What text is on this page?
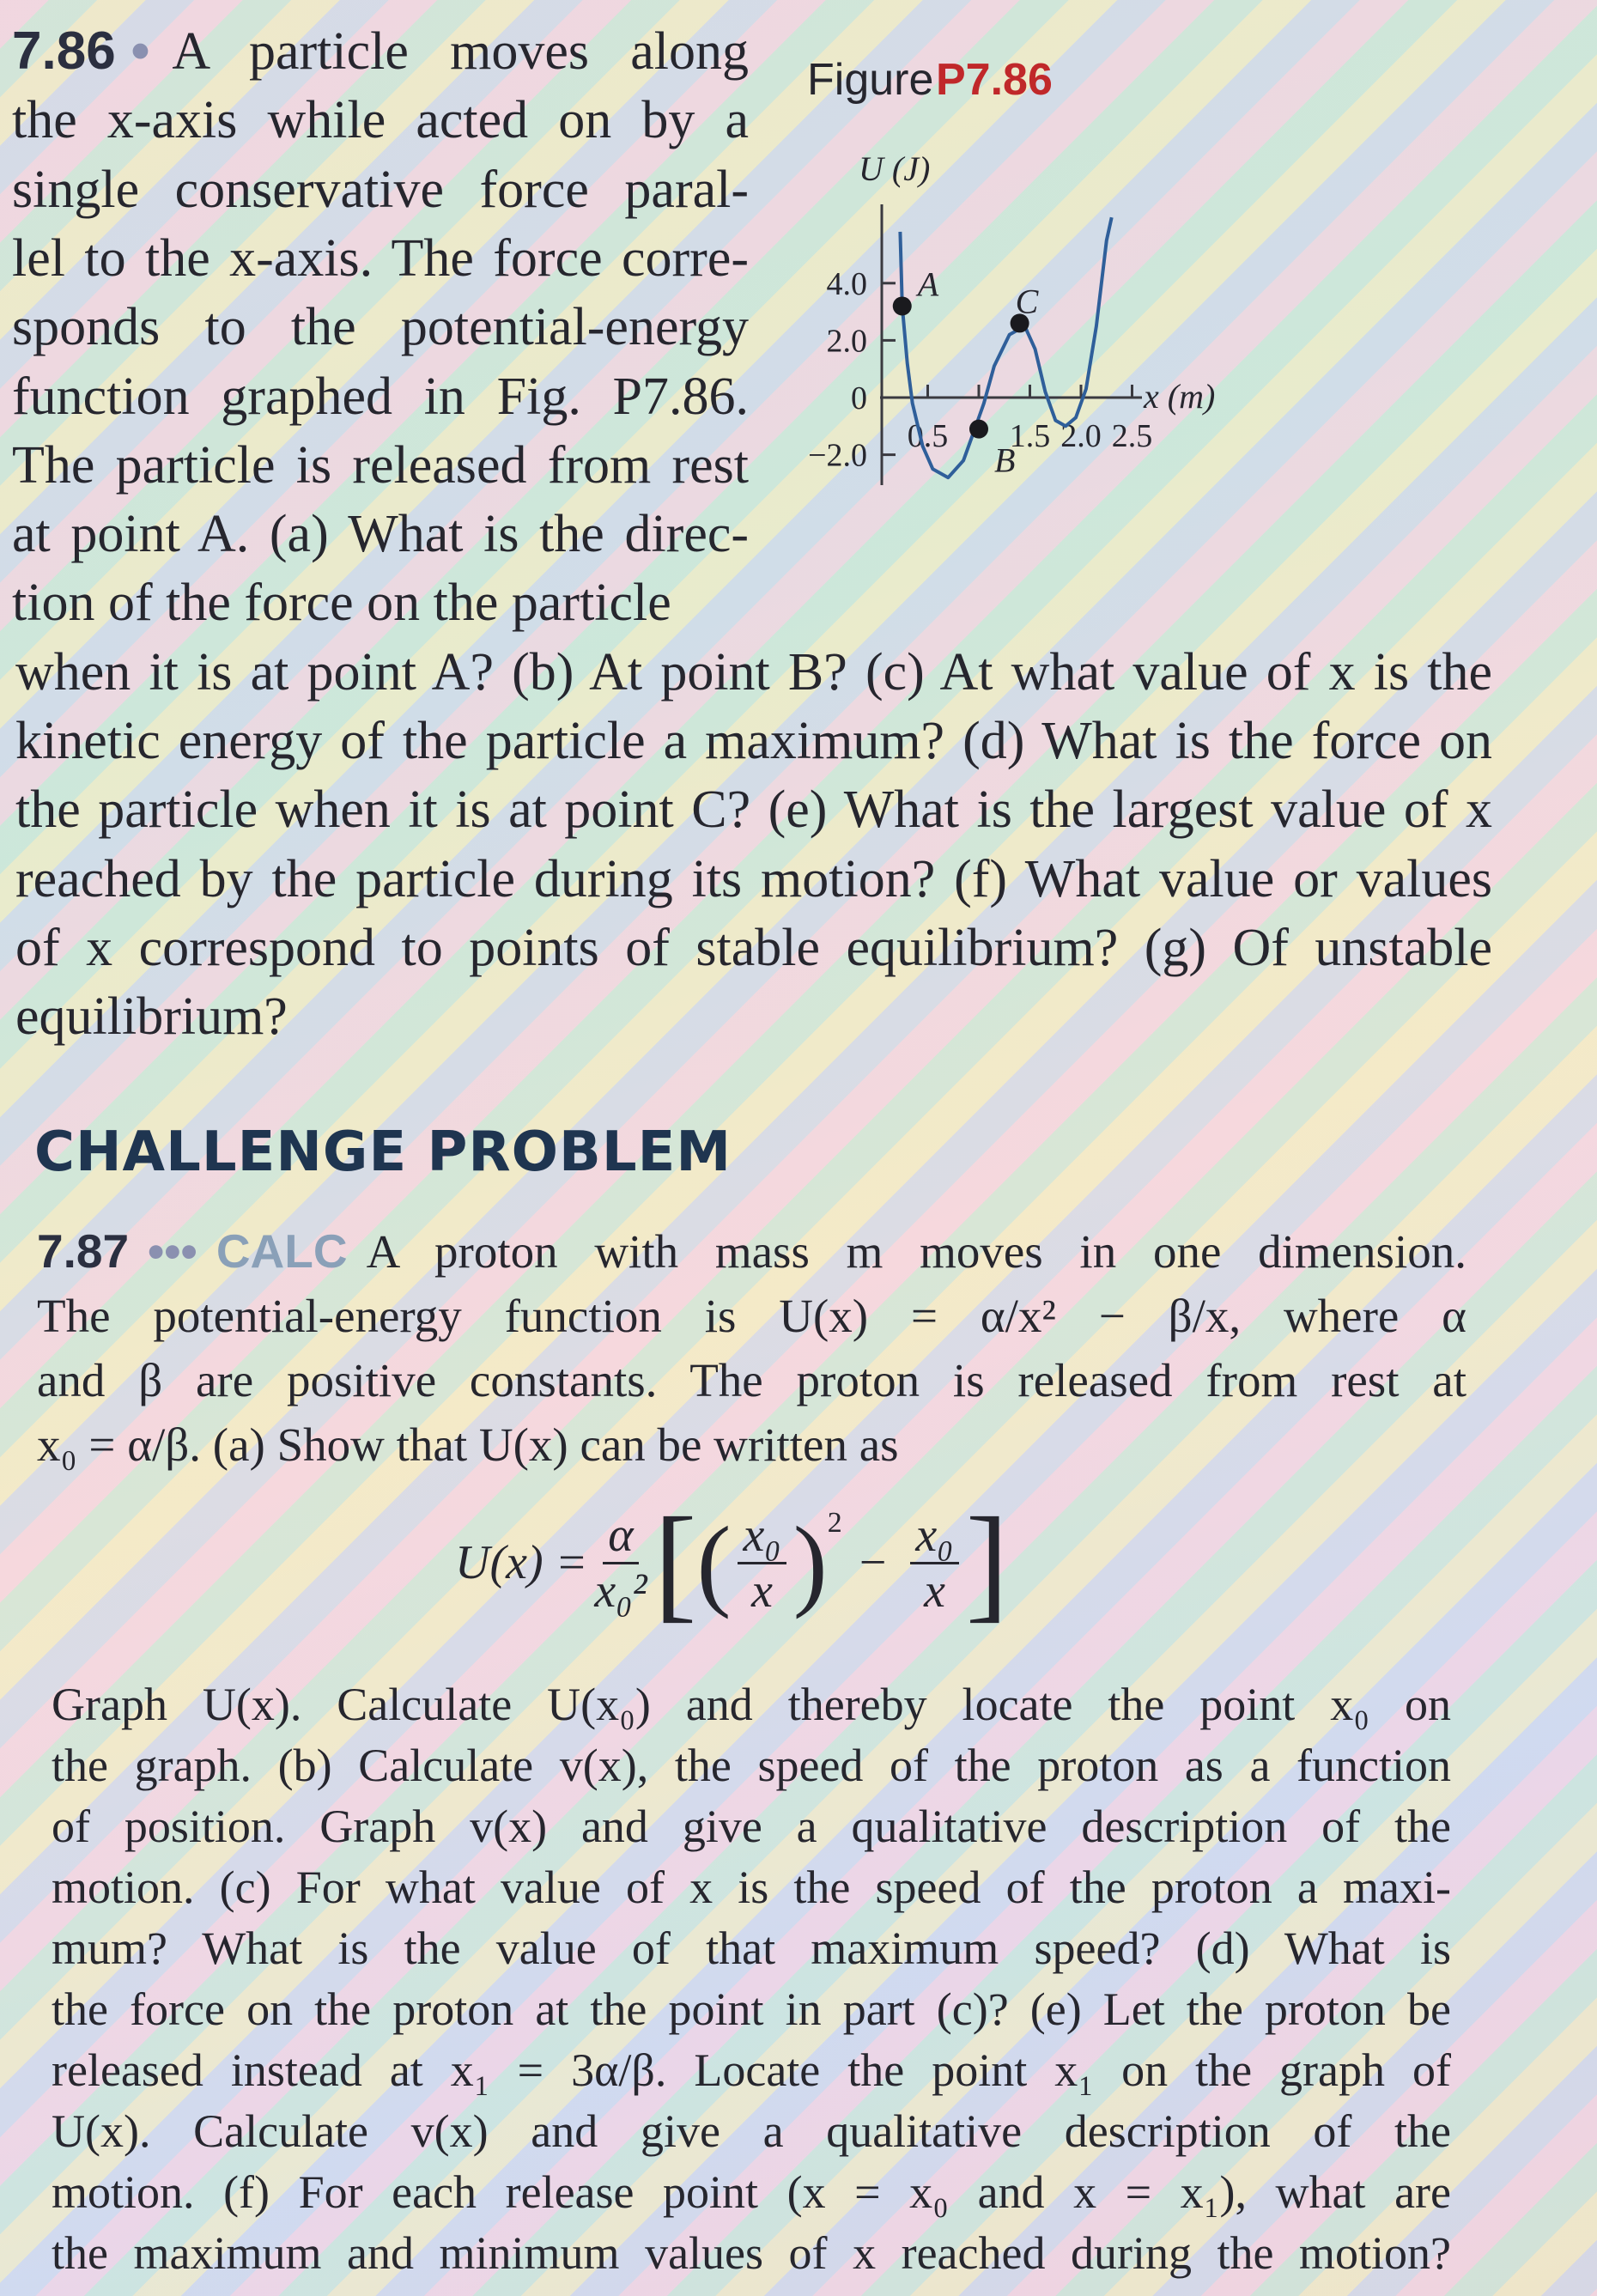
7.86 • A particle moves along
the x-axis while acted on by a
single conservative force paral-
lel to the x-axis. The force corre-
sponds to the potential-energy
function graphed in Fig. P7.86.
The particle is released from rest
at point A. (a) What is the direc-
tion of the force on the particle
when it is at point A? (b) At point B? (c) At what value of x is the
kinetic energy of the particle a maximum? (d) What is the force on
the particle when it is at point C? (e) What is the largest value of x
reached by the particle during its motion? (f) What value or values
of x correspond to points of stable equilibrium? (g) Of unstable
equilibrium?
Figure P7.86
U (J)
x (m)
4.0
2.0
0
−2.0
0.5 1.5 2.0 2.5
A
B
C
CHALLENGE PROBLEM
7.87 ••• CALC A proton with mass m moves in one dimension.
The potential-energy function is U(x) = α/x² − β/x, where α
and β are positive constants. The proton is released from rest at
x₀ = α/β. (a) Show that U(x) can be written as
Graph U(x). Calculate U(x₀) and thereby locate the point x₀ on
the graph. (b) Calculate v(x), the speed of the proton as a function
of position. Graph v(x) and give a qualitative description of the
motion. (c) For what value of x is the speed of the proton a maxi-
mum? What is the value of that maximum speed? (d) What is
the force on the proton at the point in part (c)? (e) Let the proton be
released instead at x₁ = 3α/β. Locate the point x₁ on the graph of
U(x). Calculate v(x) and give a qualitative description of the
motion. (f) For each release point (x = x₀ and x = x₁), what are
the maximum and minimum values of x reached during the motion?
$U(x) = \frac{\alpha}{\text{x₀²}}$ [ ( $\frac{\text{x₀}}{x} )^2$
− $\frac{\text{x₀}}{x}$ ]
